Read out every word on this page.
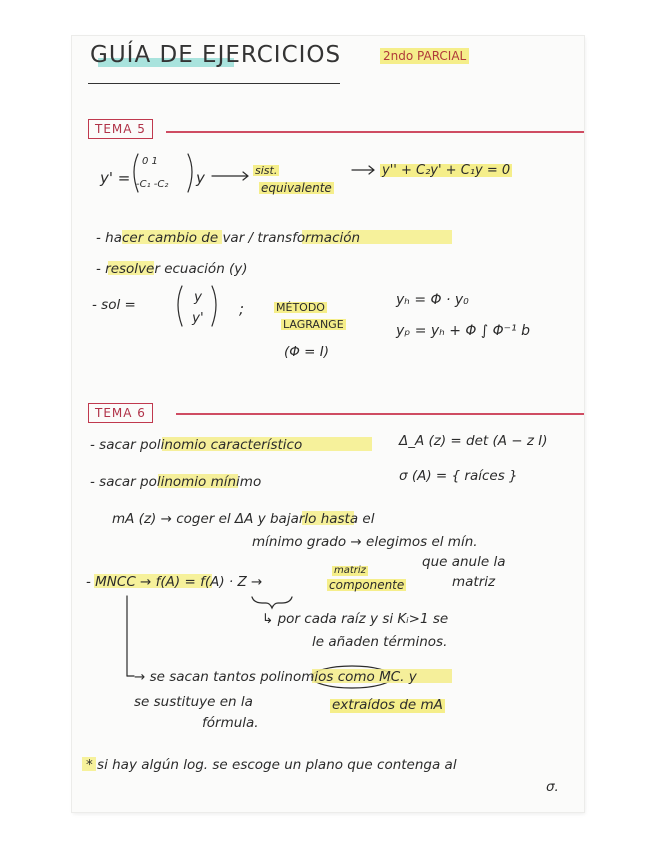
GUÍA DE EJERCICIOS	2ndo PARCIAL
TEMA 5
y' =
0 1
-C₁ -C₂ y	sist.
equivalente
y'' + C₂y' + C₁y = 0
- hacer cambio de var / transformación
- resolver ecuación (y)
- sol =	y
y' ;	MÉTODO
LAGRANGE
(Φ = I)
yₕ = Φ · y₀
yₚ = yₕ + Φ ∫ Φ⁻¹ b
TEMA 6
- sacar polinomio característico	Δ_A (z) = det (A − z I)
- sacar polinomio mínimo	σ (A) = { raíces }
mA (z) → coger el ΔA y bajarlo hasta el
mínimo grado → elegimos el mín.
que anule la
- MNCC → f(A) = f(A) · Z →
matriz
componente	matriz
↳ por cada raíz y si Kᵢ>1 se
le añaden términos.
→ se sacan tantos polinomios como MC. y
se sustituye en la	extraídos de mA
fórmula.
* si hay algún log. se escoge un plano que contenga al
σ.
